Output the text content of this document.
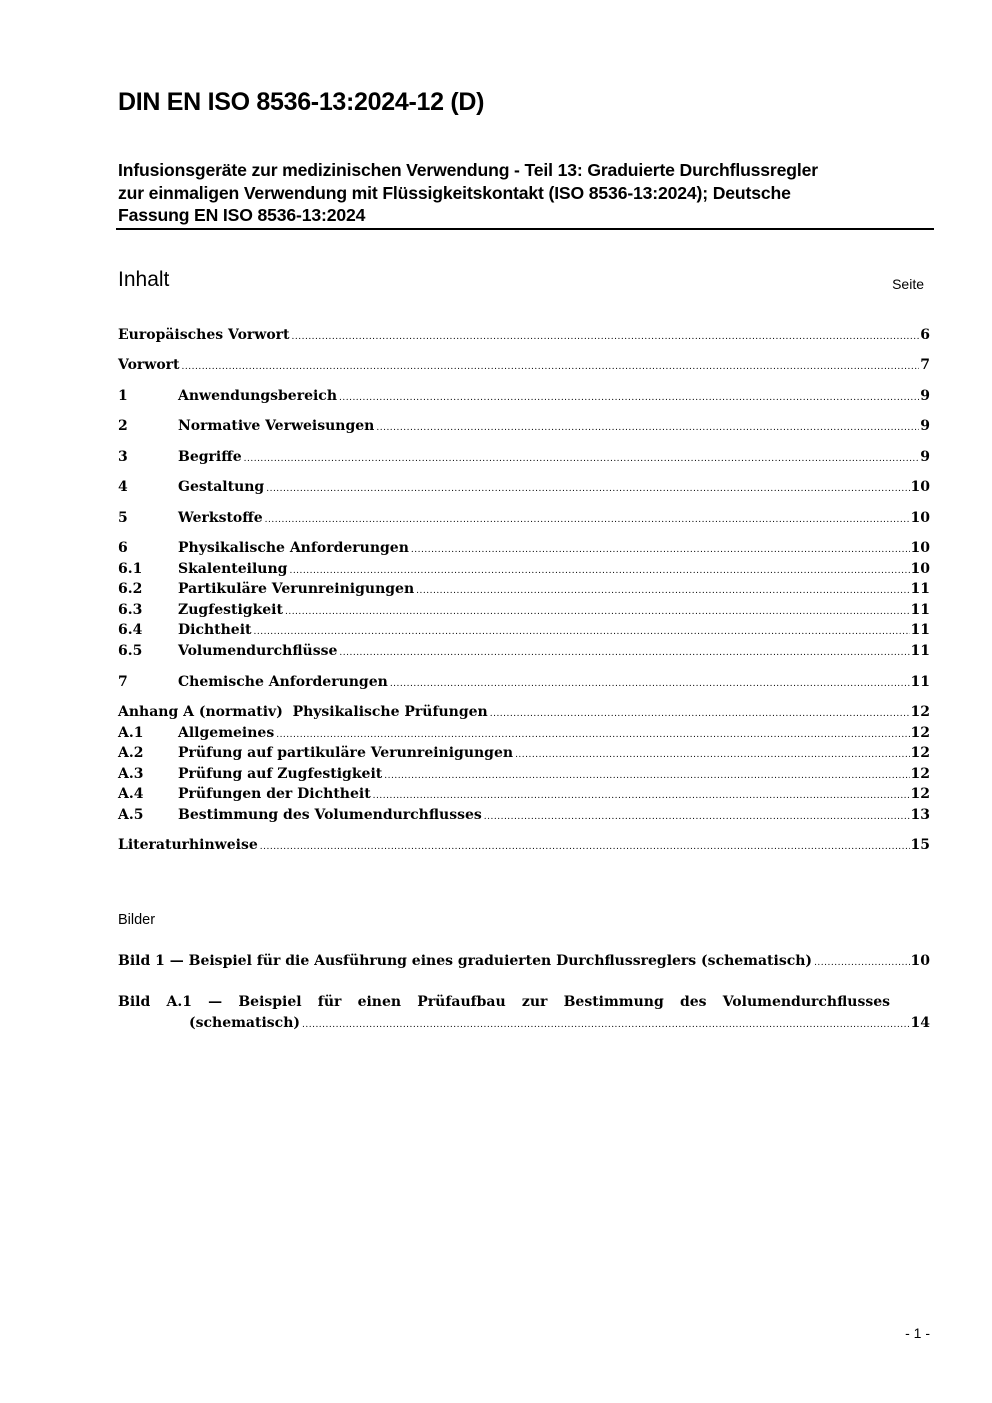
DIN EN ISO 8536-13:2024-12 (D)
Infusionsgeräte zur medizinischen Verwendung - Teil 13: Graduierte Durchflussregler
zur einmaligen Verwendung mit Flüssigkeitskontakt (ISO 8536-13:2024); Deutsche
Fassung EN ISO 8536-13:2024
Inhalt	Seite
Europäisches Vorwort .....	6
Vorwort .....	7
1	Anwendungsbereich .....	9
2	Normative Verweisungen .....	9
3	Begriffe .....	9
4	Gestaltung .....	10
5	Werkstoffe .....	10
6	Physikalische Anforderungen .....	10
6.1	Skalenteilung .....	10
6.2	Partikuläre Verunreinigungen .....	11
6.3	Zugfestigkeit .....	11
6.4	Dichtheit .....	11
6.5	Volumendurchflüsse .....	11
7	Chemische Anforderungen .....	11
Anhang A (normativ)  Physikalische Prüfungen .....	12
A.1	Allgemeines .....	12
A.2	Prüfung auf partikuläre Verunreinigungen .....	12
A.3	Prüfung auf Zugfestigkeit .....	12
A.4	Prüfungen der Dichtheit .....	12
A.5	Bestimmung des Volumendurchflusses .....	13
Literaturhinweise .....	15
Bilder
Bild 1 — Beispiel für die Ausführung eines graduierten Durchflussreglers (schematisch) .....	10
Bild A.1 — Beispiel für einen Prüfaufbau zur Bestimmung des Volumendurchflusses
(schematisch) .....	14
- 1 -
